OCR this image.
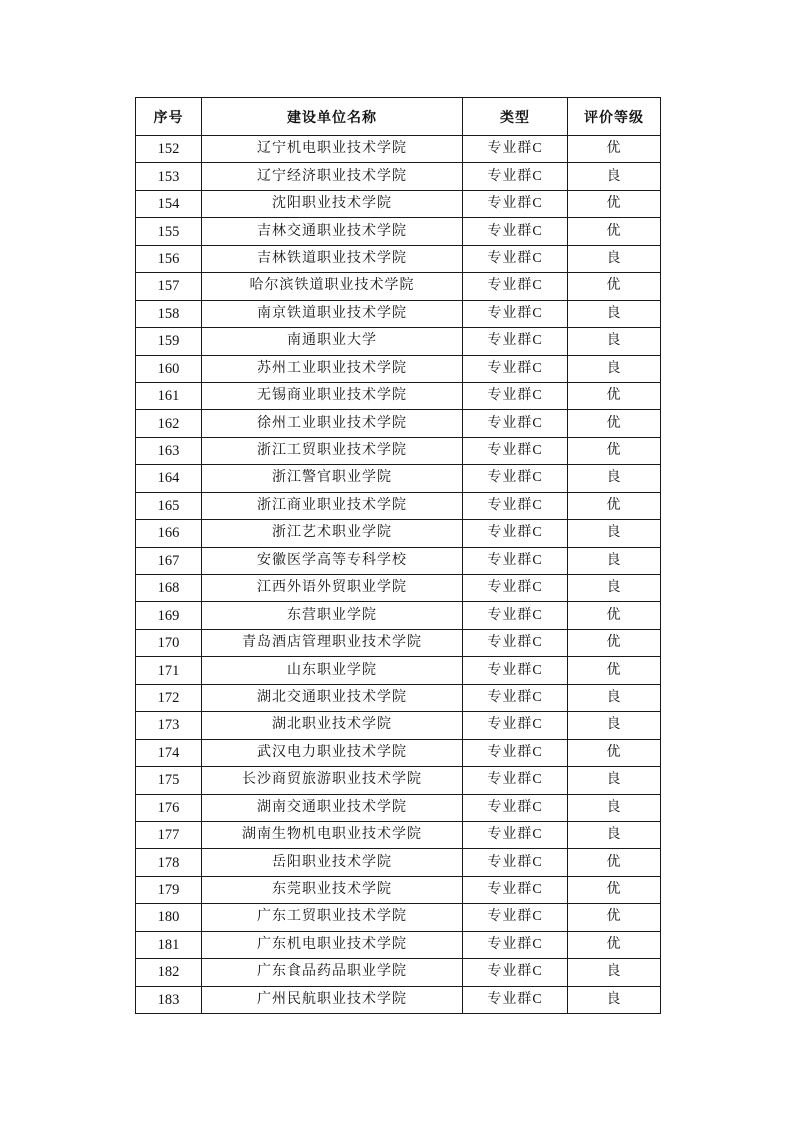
序号	建设单位名称	类型	评价等级
152	辽宁机电职业技术学院	专业群C	优
153	辽宁经济职业技术学院	专业群C	良
154	沈阳职业技术学院	专业群C	优
155	吉林交通职业技术学院	专业群C	优
156	吉林铁道职业技术学院	专业群C	良
157	哈尔滨铁道职业技术学院	专业群C	优
158	南京铁道职业技术学院	专业群C	良
159	南通职业大学	专业群C	良
160	苏州工业职业技术学院	专业群C	良
161	无锡商业职业技术学院	专业群C	优
162	徐州工业职业技术学院	专业群C	优
163	浙江工贸职业技术学院	专业群C	优
164	浙江警官职业学院	专业群C	良
165	浙江商业职业技术学院	专业群C	优
166	浙江艺术职业学院	专业群C	良
167	安徽医学高等专科学校	专业群C	良
168	江西外语外贸职业学院	专业群C	良
169	东营职业学院	专业群C	优
170	青岛酒店管理职业技术学院	专业群C	优
171	山东职业学院	专业群C	优
172	湖北交通职业技术学院	专业群C	良
173	湖北职业技术学院	专业群C	良
174	武汉电力职业技术学院	专业群C	优
175	长沙商贸旅游职业技术学院	专业群C	良
176	湖南交通职业技术学院	专业群C	良
177	湖南生物机电职业技术学院	专业群C	良
178	岳阳职业技术学院	专业群C	优
179	东莞职业技术学院	专业群C	优
180	广东工贸职业技术学院	专业群C	优
181	广东机电职业技术学院	专业群C	优
182	广东食品药品职业学院	专业群C	良
183	广州民航职业技术学院	专业群C	良
